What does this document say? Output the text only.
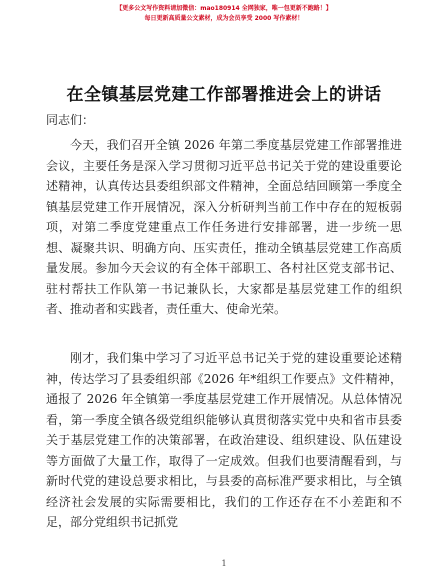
【更多公文写作资料请加微信：mao180914 全网独家，唯一包更新不跑路！】
每日更新高质量公文素材，成为会员享受 2000 写作素材！
在全镇基层党建工作部署推进会上的讲话
同志们：

今天，我们召开全镇 2026 年第二季度基层党建工作部署推进会议，主要任务是深入学习贯彻习近平总书记关于党的建设重要论述精神，认真传达县委组织部文件精神，全面总结回顾第一季度全镇基层党建工作开展情况，深入分析研判当前工作中存在的短板弱项，对第二季度党建重点工作任务进行安排部署，进一步统一思想、凝聚共识、明确方向、压实责任，推动全镇基层党建工作高质量发展。参加今天会议的有全体干部职工、各村社区党支部书记、驻村帮扶工作队第一书记兼队长，大家都是基层党建工作的组织者、推动者和实践者，责任重大、使命光荣。

刚才，我们集中学习了习近平总书记关于党的建设重要论述精神，传达学习了县委组织部《2026 年*组织工作要点》文件精神，通报了 2026 年全镇第一季度基层党建工作开展情况。从总体情况看，第一季度全镇各级党组织能够认真贯彻落实党中央和省市县委关于基层党建工作的决策部署，在政治建设、组织建设、队伍建设等方面做了大量工作，取得了一定成效。但我们也要清醒看到，与新时代党的建设总要求相比，与县委的高标准严要求相比，与全镇经济社会发展的实际需要相比，我们的工作还存在不小差距和不足，部分党组织书记抓党

1
